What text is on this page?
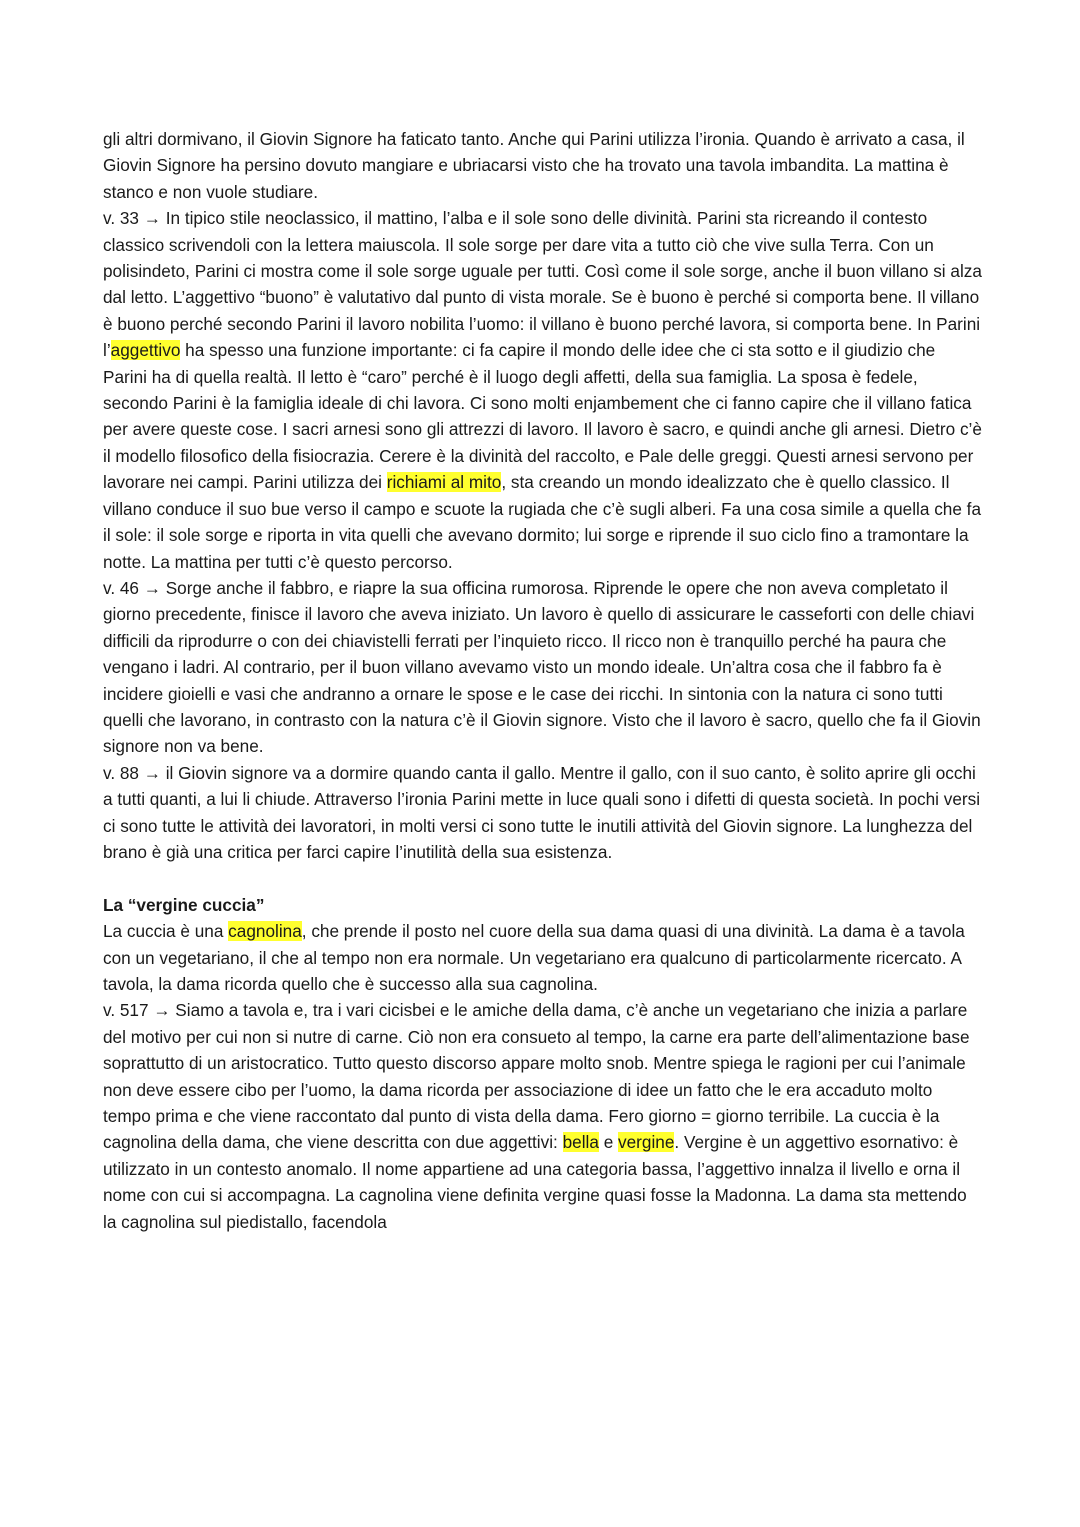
gli altri dormivano, il Giovin Signore ha faticato tanto. Anche qui Parini utilizza l’ironia. Quando è arrivato a casa, il Giovin Signore ha persino dovuto mangiare e ubriacarsi visto che ha trovato una tavola imbandita. La mattina è stanco e non vuole studiare.

v. 33 → In tipico stile neoclassico, il mattino, l’alba e il sole sono delle divinità. Parini sta ricreando il contesto classico scrivendoli con la lettera maiuscola. Il sole sorge per dare vita a tutto ciò che vive sulla Terra. Con un polisindeto, Parini ci mostra come il sole sorge uguale per tutti. Così come il sole sorge, anche il buon villano si alza dal letto. L’aggettivo “buono” è valutativo dal punto di vista morale. Se è buono è perché si comporta bene. Il villano è buono perché secondo Parini il lavoro nobilita l’uomo: il villano è buono perché lavora, si comporta bene. In Parini l’aggettivo ha spesso una funzione importante: ci fa capire il mondo delle idee che ci sta sotto e il giudizio che Parini ha di quella realtà. Il letto è “caro” perché è il luogo degli affetti, della sua famiglia. La sposa è fedele, secondo Parini è la famiglia ideale di chi lavora. Ci sono molti enjambement che ci fanno capire che il villano fatica per avere queste cose. I sacri arnesi sono gli attrezzi di lavoro. Il lavoro è sacro, e quindi anche gli arnesi. Dietro c’è il modello filosofico della fisiocrazia. Cerere è la divinità del raccolto, e Pale delle greggi. Questi arnesi servono per lavorare nei campi. Parini utilizza dei richiami al mito, sta creando un mondo idealizzato che è quello classico. Il villano conduce il suo bue verso il campo e scuote la rugiada che c’è sugli alberi. Fa una cosa simile a quella che fa il sole: il sole sorge e riporta in vita quelli che avevano dormito; lui sorge e riprende il suo ciclo fino a tramontare la notte. La mattina per tutti c’è questo percorso.

v. 46 → Sorge anche il fabbro, e riapre la sua officina rumorosa. Riprende le opere che non aveva completato il giorno precedente, finisce il lavoro che aveva iniziato. Un lavoro è quello di assicurare le casseforti con delle chiavi difficili da riprodurre o con dei chiavistelli ferrati per l’inquieto ricco. Il ricco non è tranquillo perché ha paura che vengano i ladri. Al contrario, per il buon villano avevamo visto un mondo ideale. Un’altra cosa che il fabbro fa è incidere gioielli e vasi che andranno a ornare le spose e le case dei ricchi. In sintonia con la natura ci sono tutti quelli che lavorano, in contrasto con la natura c’è il Giovin signore. Visto che il lavoro è sacro, quello che fa il Giovin signore non va bene.

v. 88 → il Giovin signore va a dormire quando canta il gallo. Mentre il gallo, con il suo canto, è solito aprire gli occhi a tutti quanti, a lui li chiude. Attraverso l’ironia Parini mette in luce quali sono i difetti di questa società. In pochi versi ci sono tutte le attività dei lavoratori, in molti versi ci sono tutte le inutili attività del Giovin signore. La lunghezza del brano è già una critica per farci capire l’inutilità della sua esistenza.

La “vergine cuccia”

La cuccia è una cagnolina, che prende il posto nel cuore della sua dama quasi di una divinità. La dama è a tavola con un vegetariano, il che al tempo non era normale. Un vegetariano era qualcuno di particolarmente ricercato. A tavola, la dama ricorda quello che è successo alla sua cagnolina.

v. 517 → Siamo a tavola e, tra i vari cicisbei e le amiche della dama, c’è anche un vegetariano che inizia a parlare del motivo per cui non si nutre di carne. Ciò non era consueto al tempo, la carne era parte dell’alimentazione base soprattutto di un aristocratico. Tutto questo discorso appare molto snob. Mentre spiega le ragioni per cui l’animale non deve essere cibo per l’uomo, la dama ricorda per associazione di idee un fatto che le era accaduto molto tempo prima e che viene raccontato dal punto di vista della dama. Fero giorno = giorno terribile. La cuccia è la cagnolina della dama, che viene descritta con due aggettivi: bella e vergine. Vergine è un aggettivo esornativo: è utilizzato in un contesto anomalo. Il nome appartiene ad una categoria bassa, l’aggettivo innalza il livello e orna il nome con cui si accompagna. La cagnolina viene definita vergine quasi fosse la Madonna. La dama sta mettendo la cagnolina sul piedistallo, facendola
